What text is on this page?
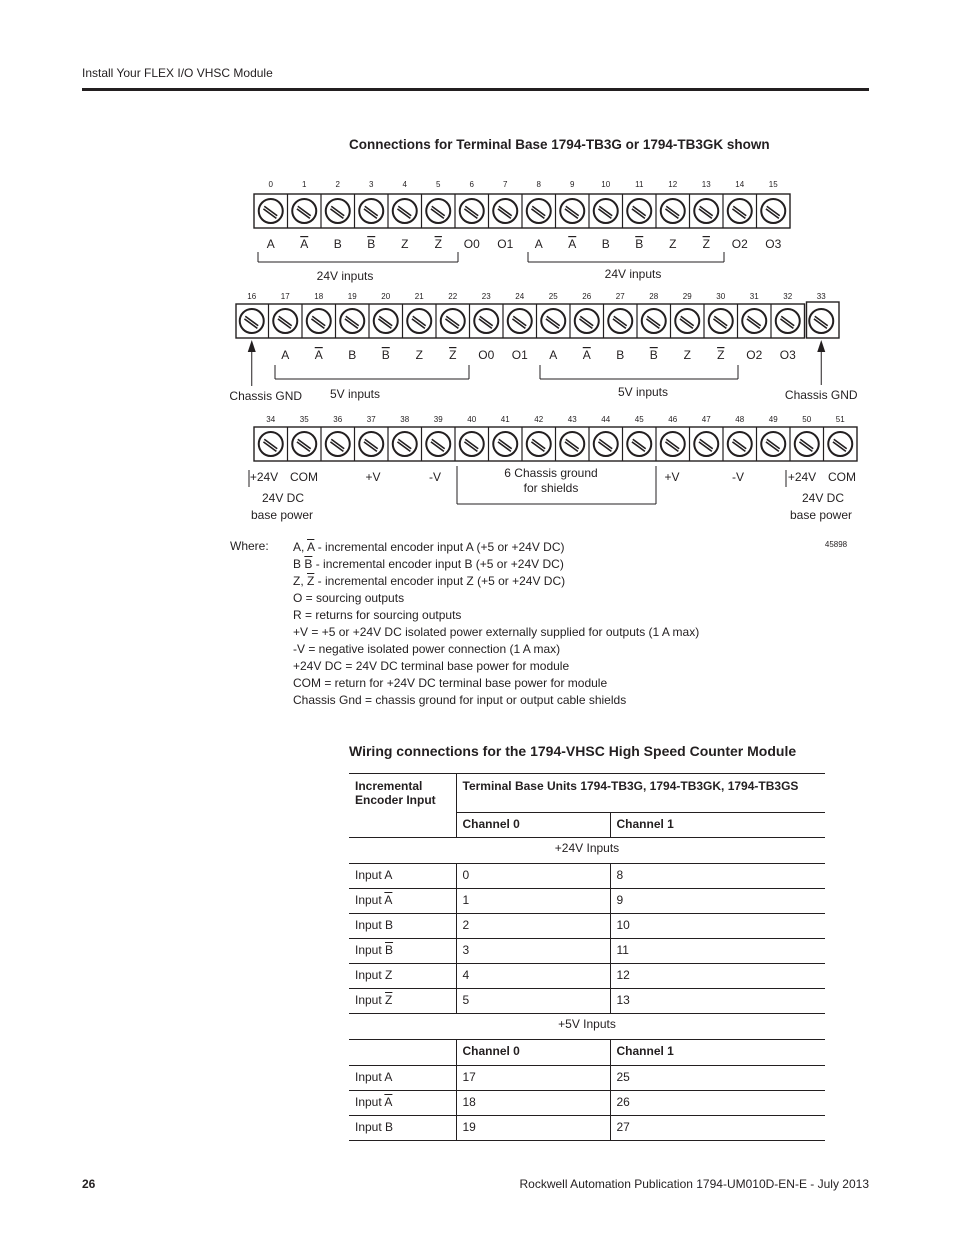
Install Your FLEX I/O VHSC Module
Connections for Terminal Base 1794-TB3G or 1794-TB3GK shown
0
A
1
A
2
B
3
B
4
Z
5
Z
6
O0
7
O1
8
A
9
A
10
B
11
B
12
Z
13
Z
14
O2
15
O3
24V inputs	24V inputs
16	17
A
18
A
19
B
20
B
21
Z
22
Z
23
O0
24
O1
25
A
26
A
27
B
28
B
29
Z
30
Z
31
O2
32
O3
33
Chassis GND	Chassis GND
5V inputs	5V inputs
34	35	36	37	38	39	40	41	42	43	44	45	46	47	48	49	50	51
+24V COM	+V	-V	6 Chassis ground
for shields
+V	-V	+24V COM
24V DC
base power
24V DC
base power
45898
Where: A, $\overline{A}$ - incremental encoder input A (+5 or +24V DC)
B $\overline{B}$ - incremental encoder input B (+5 or +24V DC)
Z, $\overline{Z}$ - incremental encoder input Z (+5 or +24V DC)
O = sourcing outputs
R = returns for sourcing outputs
+V = +5 or +24V DC isolated power externally supplied for outputs (1 A max)
-V = negative isolated power connection (1 A max)
+24V DC = 24V DC terminal base power for module
COM = return for +24V DC terminal base power for module
Chassis Gnd = chassis ground for input or output cable shields
Wiring connections for the 1794-VHSC High Speed Counter Module
Incremental Encoder Input	Terminal Base Units 1794-TB3G, 1794-TB3GK, 1794-TB3GS	
	Channel 0	Channel 1
+24V Inputs		
Input A	0	8
Input $\overline{A}$	1	9
Input B	2	10
Input $\overline{B}$	3	11
Input Z	4	12
Input $\overline{Z}$	5	13
+5V Inputs		
	Channel 0	Channel 1
Input A	17	25
Input $\overline{A}$	18	26
Input B	19	27
26	Rockwell Automation Publication 1794-UM010D-EN-E - July 2013
